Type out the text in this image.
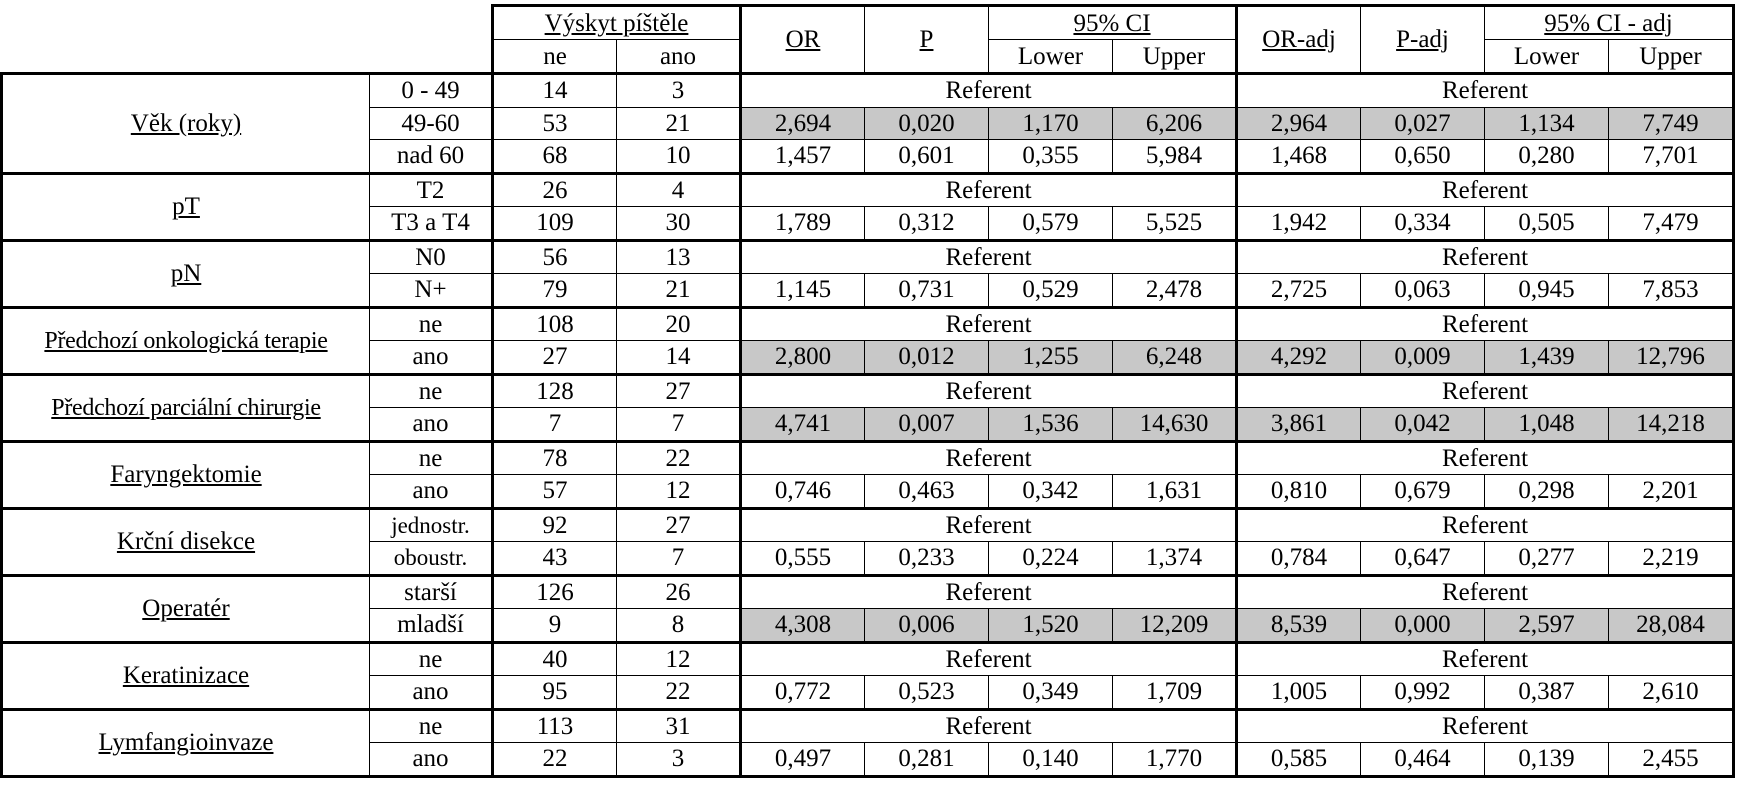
		Výskyt píštěle		OR	P	95% CI		OR-adj	P-adj	95% CI - adj	
		ne	ano			Lower	Upper			Lower	Upper
Věk (roky)	0 - 49	14	3	Referent				Referent			
	49-60	53	21	2,694	0,020	1,170	6,206	2,964	0,027	1,134	7,749
	nad 60	68	10	1,457	0,601	0,355	5,984	1,468	0,650	0,280	7,701
pT	T2	26	4	Referent				Referent			
	T3 a T4	109	30	1,789	0,312	0,579	5,525	1,942	0,334	0,505	7,479
pN	N0	56	13	Referent				Referent			
	N+	79	21	1,145	0,731	0,529	2,478	2,725	0,063	0,945	7,853
Předchozí onkologická terapie	ne	108	20	Referent				Referent			
	ano	27	14	2,800	0,012	1,255	6,248	4,292	0,009	1,439	12,796
Předchozí parciální chirurgie	ne	128	27	Referent				Referent			
	ano	7	7	4,741	0,007	1,536	14,630	3,861	0,042	1,048	14,218
Faryngektomie	ne	78	22	Referent				Referent			
	ano	57	12	0,746	0,463	0,342	1,631	0,810	0,679	0,298	2,201
Krční disekce	jednostr.	92	27	Referent				Referent			
	oboustr.	43	7	0,555	0,233	0,224	1,374	0,784	0,647	0,277	2,219
Operatér	starší	126	26	Referent				Referent			
	mladší	9	8	4,308	0,006	1,520	12,209	8,539	0,000	2,597	28,084
Keratinizace	ne	40	12	Referent				Referent			
	ano	95	22	0,772	0,523	0,349	1,709	1,005	0,992	0,387	2,610
Lymfangioinvaze	ne	113	31	Referent				Referent			
	ano	22	3	0,497	0,281	0,140	1,770	0,585	0,464	0,139	2,455
